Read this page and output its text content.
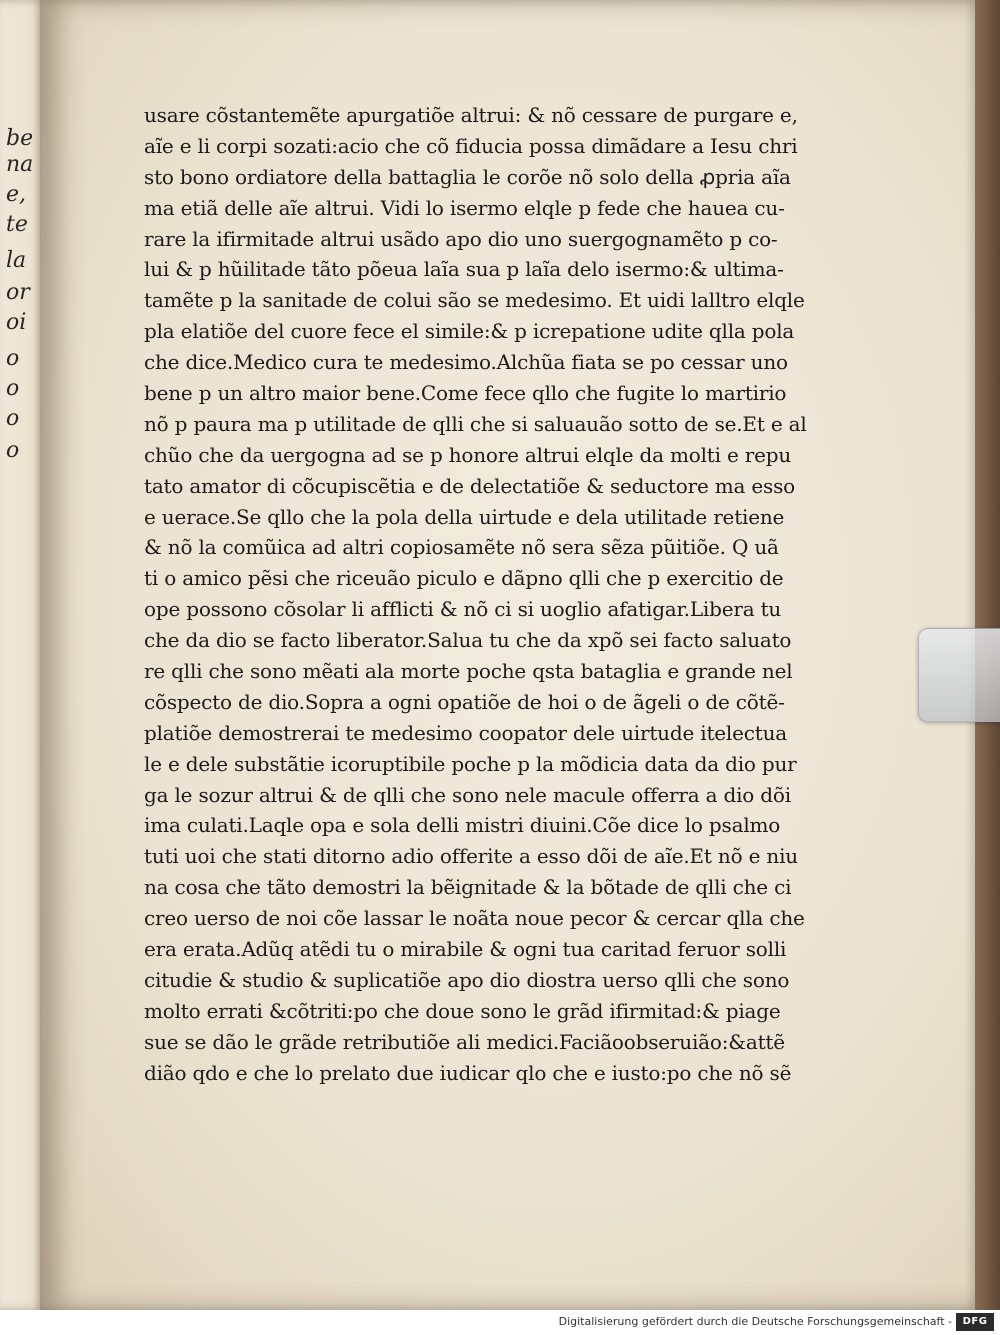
be
na
e,
te
la
or
oi
o
o
o
o
usare cõstantemẽte apurgatiõe altrui: & nõ cessare de purgare e,
aĩe e li corpi sozati:acio che cõ fiducia possa dimãdare a Iesu chri
sto bono ordiatore della battaglia le corõe nõ solo della ꝓpria aĩa
ma etiã delle aĩe altrui. Vidi lo isermo elqle p fede che hauea cu-
rare la ifirmitade altrui usãdo apo dio uno suergognamẽto p co-
lui & p hũilitade tãto põeua laĩa sua p laĩa delo isermo:& ultima-
tamẽte p la sanitade de colui são se medesimo. Et uidi lalltro elqle
pla elatiõe del cuore fece el simile:& p icrepatione udite qlla pola
che dice.Medico cura te medesimo.Alchũa fiata se po cessar uno
bene p un altro maior bene.Come fece qllo che fugite lo martirio
nõ p paura ma p utilitade de qlli che si saluauão sotto de se.Et e al
chũo che da uergogna ad se p honore altrui elqle da molti e repu
tato amator di cõcupiscẽtia e de delectatiõe & seductore ma esso
e uerace.Se qllo che la pola della uirtude e dela utilitade retiene
& nõ la comũica ad altri copiosamẽte nõ sera sẽza pũitiõe. Q uã
ti o amico pẽsi che riceuão piculo e dãpno qlli che p exercitio de
ope possono cõsolar li afflicti & nõ ci si uoglio afatigar.Libera tu
che da dio se facto liberator.Salua tu che da xpõ sei facto saluato
re qlli che sono mẽati ala morte poche qsta bataglia e grande nel
cõspecto de dio.Sopra a ogni opatiõe de hoi o de ãgeli o de cõtẽ-
platiõe demostrerai te medesimo coopator dele uirtude itelectua
le e dele substãtie icoruptibile poche p la mõdicia data da dio pur
ga le sozur altrui & de qlli che sono nele macule offerra a dio dõi
ima culati.Laqle opa e sola delli mistri diuini.Cõe dice lo psalmo
tuti uoi che stati ditorno adio offerite a esso dõi de aĩe.Et nõ e niu
na cosa che tãto demostri la bẽignitade & la bõtade de qlli che ci
creo uerso de noi cõe lassar le noãta noue pecor & cercar qlla che
era erata.Adũq atẽdi tu o mirabile & ogni tua caritad feruor solli
citudie & studio & suplicatiõe apo dio diostra uerso qlli che sono
molto errati &cõtriti:po che doue sono le grãd ifirmitad:& piage
sue se dão le grãde retributiõe ali medici.Faciãoobseruião:&attẽ
dião qdo e che lo prelato due iudicar qlo che e iusto:po che nõ sẽ
Digitalisierung gefördert durch die Deutsche Forschungsgemeinschaft -	DFG
